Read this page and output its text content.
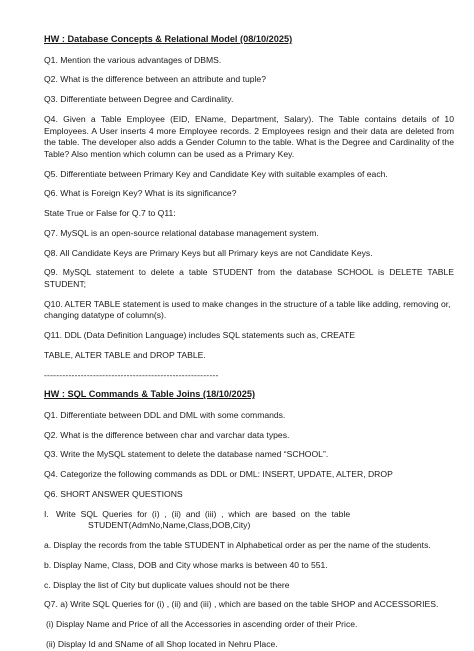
HW : Database Concepts & Relational Model (08/10/2025)
Q1. Mention the various advantages of DBMS.
Q2. What is the difference between an attribute and tuple?
Q3. Differentiate between Degree and Cardinality.
Q4. Given a Table Employee (EID, EName, Department, Salary). The Table contains details of 10 Employees. A User inserts 4 more Employee records. 2 Employees resign and their data are deleted from the table. The developer also adds a Gender Column to the table. What is the Degree and Cardinality of the Table? Also mention which column can be used as a Primary Key.
Q5. Differentiate between Primary Key and Candidate Key with suitable examples of each.
Q6. What is Foreign Key? What is its significance?
State True or False for Q.7 to Q11:
Q7. MySQL is an open-source relational database management system.
Q8. All Candidate Keys are Primary Keys but all Primary keys are not Candidate Keys.
Q9. MySQL statement to delete a table STUDENT from the database SCHOOL is DELETE TABLE STUDENT;
Q10. ALTER TABLE statement is used to make changes in the structure of a table like adding, removing or, changing datatype of column(s).
Q11. DDL (Data Definition Language) includes SQL statements such as, CREATE
TABLE, ALTER TABLE and DROP TABLE.
---------------------------------------------------------
HW : SQL Commands & Table Joins (18/10/2025)
Q1. Differentiate between DDL and DML with some commands.
Q2. What is the difference between char and varchar data types.
Q3. Write the MySQL statement to delete the database named “SCHOOL”.
Q4. Categorize the following commands as DDL or DML: INSERT, UPDATE, ALTER, DROP
Q6. SHORT ANSWER QUESTIONS
I.   Write  SQL  Queries  for  (i)  ,  (ii)  and  (iii)  ,  which  are  based  on  the  table
STUDENT(AdmNo,Name,Class,DOB,City)
a. Display the records from the table STUDENT in Alphabetical order as per the name of the students.
b. Display Name, Class, DOB and City whose marks is between 40 to 551.
c. Display the list of City but duplicate values should not be there
Q7. a) Write SQL Queries for (i) , (ii) and (iii) , which are based on the table SHOP and ACCESSORIES.
(i) Display Name and Price of all the Accessories in ascending order of their Price.
(ii) Display Id and SName of all Shop located in Nehru Place.
